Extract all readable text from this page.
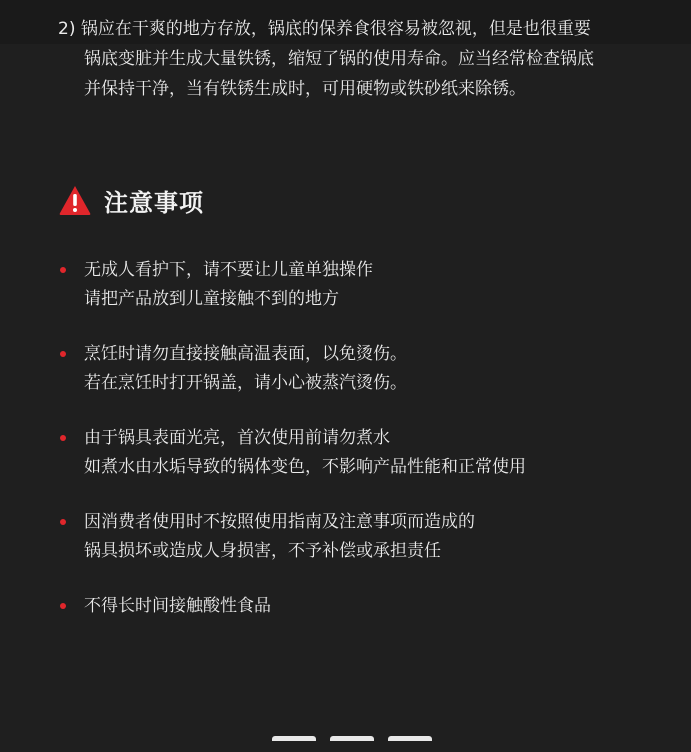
2) 锅应在干爽的地方存放，锅底的保养食很容易被忽视，但是也很重要
锅底变脏并生成大量铁锈，缩短了锅的使用寿命。应当经常检查锅底
并保持干净，当有铁锈生成时，可用硬物或铁砂纸来除锈。
注意事项
无成人看护下，请不要让儿童单独操作
请把产品放到儿童接触不到的地方
烹饪时请勿直接接触高温表面，以免烫伤。
若在烹饪时打开锅盖，请小心被蒸汽烫伤。
由于锅具表面光亮，首次使用前请勿煮水
如煮水由水垢导致的锅体变色，不影响产品性能和正常使用
因消费者使用时不按照使用指南及注意事项而造成的
锅具损坏或造成人身损害，不予补偿或承担责任
不得长时间接触酸性食品
